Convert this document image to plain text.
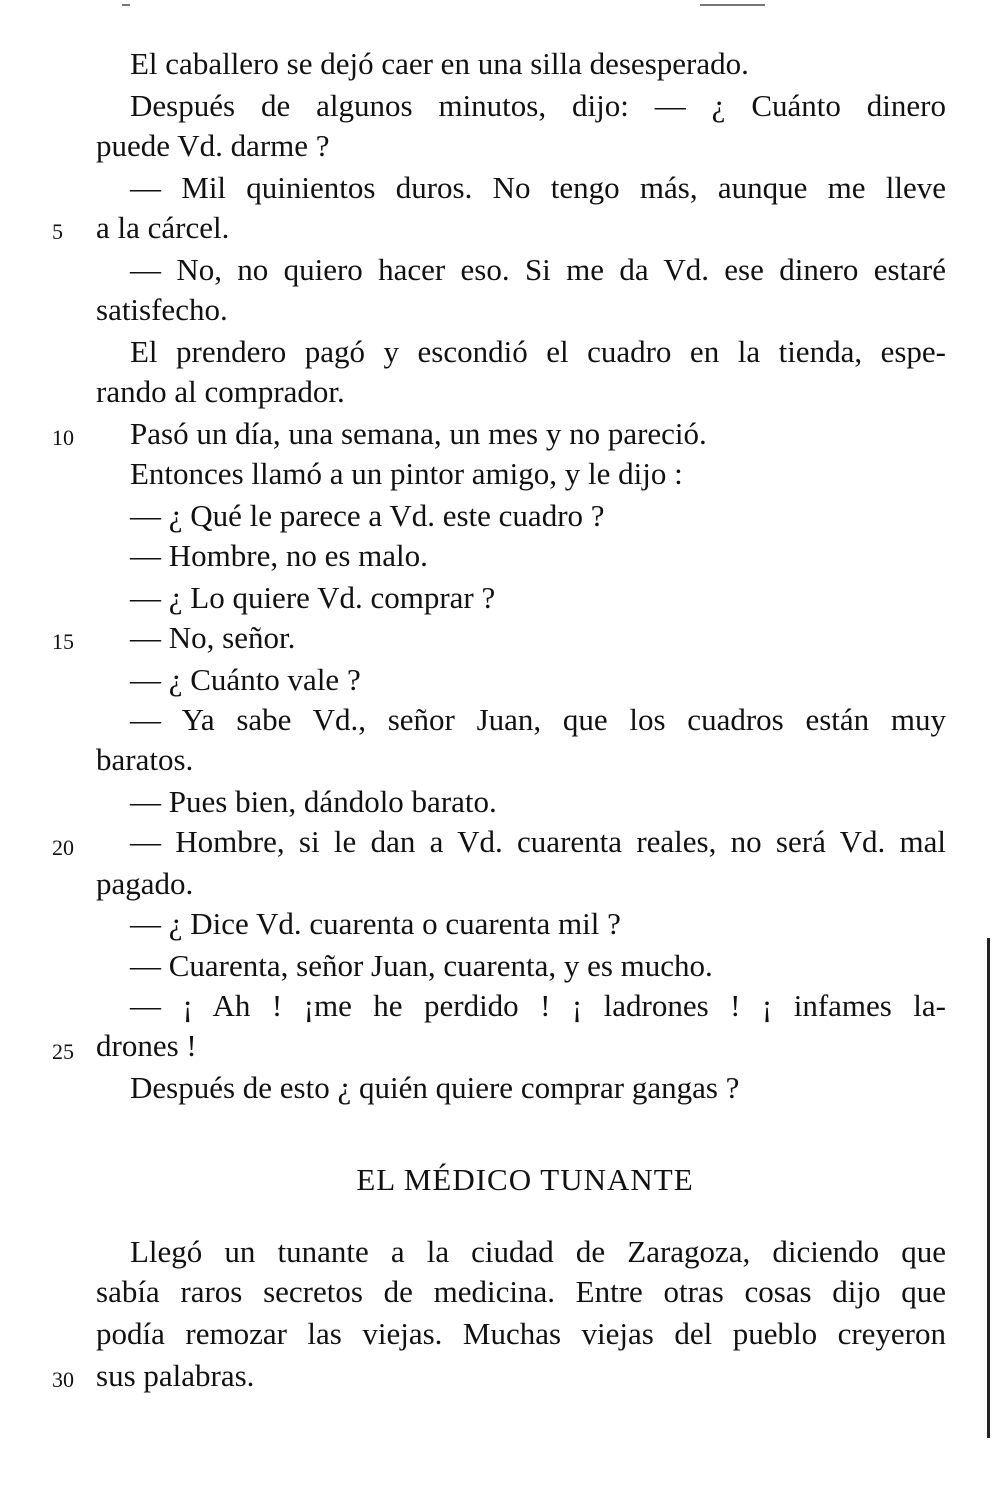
El caballero se dejó caer en una silla desesperado.
Después de algunos minutos, dijo: — ¿ Cuánto dinero
puede Vd. darme ?
— Mil quinientos duros. No tengo más, aunque me lleve
a la cárcel.
— No, no quiero hacer eso. Si me da Vd. ese dinero estaré
satisfecho.
El prendero pagó y escondió el cuadro en la tienda, espe-
rando al comprador.
Pasó un día, una semana, un mes y no pareció.
Entonces llamó a un pintor amigo, y le dijo :
— ¿ Qué le parece a Vd. este cuadro ?
— Hombre, no es malo.
— ¿ Lo quiere Vd. comprar ?
— No, señor.
— ¿ Cuánto vale ?
— Ya sabe Vd., señor Juan, que los cuadros están muy
baratos.
— Pues bien, dándolo barato.
— Hombre, si le dan a Vd. cuarenta reales, no será Vd. mal
pagado.
— ¿ Dice Vd. cuarenta o cuarenta mil ?
— Cuarenta, señor Juan, cuarenta, y es mucho.
— ¡ Ah ! ¡me he perdido ! ¡ ladrones ! ¡ infames la-
drones !
Después de esto ¿ quién quiere comprar gangas ?
EL MÉDICO TUNANTE
Llegó un tunante a la ciudad de Zaragoza, diciendo que
sabía raros secretos de medicina. Entre otras cosas dijo que
podía remozar las viejas. Muchas viejas del pueblo creyeron
sus palabras.
5
10
15
20
25
30
